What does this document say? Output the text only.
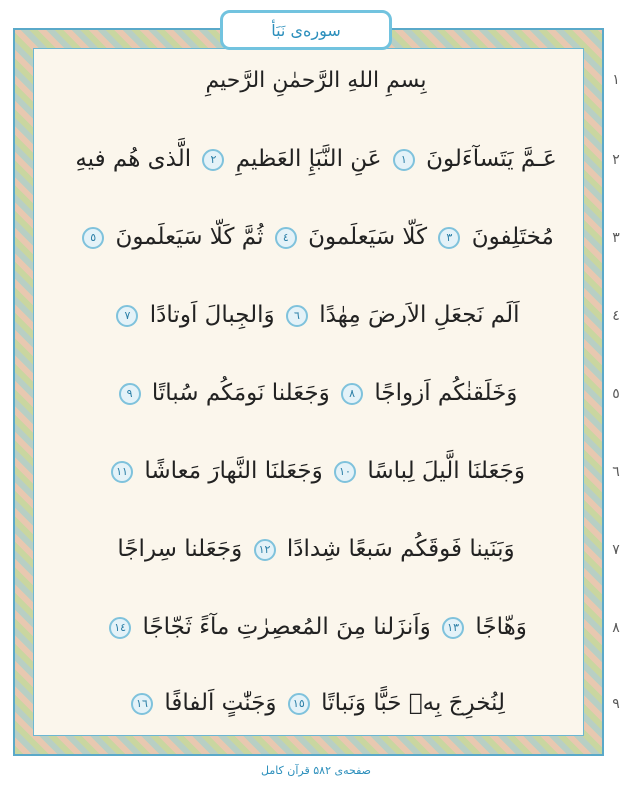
سوره‌ی نَبَأ
بِسمِ اللهِ الرَّحمٰنِ الرَّحیمِ	١
٢
٣
٤
٥
٦
٧
٨
٩
عَـمَّ یَتَسآءَلونَ ١ عَنِ النَّبَإِ العَظیمِ ٢ الَّذی هُم فیهِ
مُختَلِفونَ ٣ کَلّا سَیَعلَمونَ ٤ ثُمَّ کَلّا سَیَعلَمونَ ٥
اَلَم نَجعَلِ الاَرضَ مِهٰدًا ٦ وَالجِبالَ اَوتادًا ٧
وَخَلَقنٰکُم اَزواجًا ٨ وَجَعَلنا نَومَکُم سُباتًا ٩
وَجَعَلنَا الَّیلَ لِباسًا ١٠ وَجَعَلنَا النَّهارَ مَعاشًا ١١
وَبَنَینا فَوقَکُم سَبعًا شِدادًا ١٢ وَجَعَلنا سِراجًا
وَهّاجًا ١٣ وَاَنزَلنا مِنَ المُعصِرٰتِ مآءً ثَجّاجًا ١٤
لِنُخرِجَ بِهٖ حَبًّا وَنَباتًا ١٥ وَجَنّٰتٍ اَلفافًا ١٦
صفحه‌ی ۵۸۲ قرآن کامل
